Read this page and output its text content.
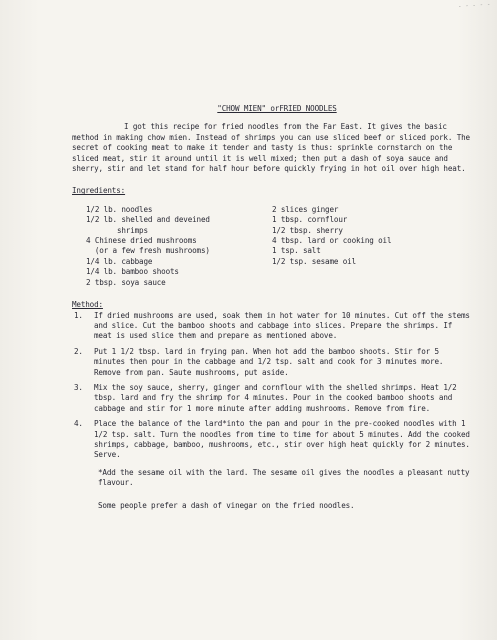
- - - - -
"CHOW MIEN" orFRIED NOODLES

I got this recipe for fried noodles from the Far East. It gives the basic method in making chow mien. Instead of shrimps you can use sliced beef or sliced pork. The secret of cooking meat to make it tender and tasty is thus: sprinkle cornstarch on the sliced meat, stir it around until it is well mixed; then put a dash of soya sauce and sherry, stir and let stand for half hour before quickly frying in hot oil over high heat.

Ingredients:
1/2 lb. noodles
1/2 lb. shelled and deveined
shrimps
4 Chinese dried mushrooms
(or a few fresh mushrooms)
1/4 lb. cabbage
1/4 lb. bamboo shoots
2 tbsp. soya sauce
2 slices ginger
1 tbsp. cornflour
1/2 tbsp. sherry
4 tbsp. lard or cooking oil
1 tsp. salt
1/2 tsp. sesame oil
Method:
1.	If dried mushrooms are used, soak them in hot water for 10 minutes. Cut off the stems and slice. Cut the bamboo shoots and cabbage into slices. Prepare the shrimps. If meat is used slice them and prepare as mentioned above.
2.	Put 1 1/2 tbsp. lard in frying pan. When hot add the bamboo shoots. Stir for 5 minutes then pour in the cabbage and 1/2 tsp. salt and cook for 3 minutes more. Remove from pan. Saute mushrooms, put aside.
3.	Mix the soy sauce, sherry, ginger and cornflour with the shelled shrimps. Heat 1/2 tbsp. lard and fry the shrimp for 4 minutes. Pour in the cooked bamboo shoots and cabbage and stir for 1 more minute after adding mushrooms. Remove from fire.
4.	Place the balance of the lard*into the pan and pour in the pre-cooked noodles with 1 1/2 tsp. salt. Turn the noodles from time to time for about 5 minutes. Add the cooked shrimps, cabbage, bamboo, mushrooms, etc., stir over high heat quickly for 2 minutes. Serve.

*Add the sesame oil with the lard. The sesame oil gives the noodles a pleasant nutty flavour.

Some people prefer a dash of vinegar on the fried noodles.
